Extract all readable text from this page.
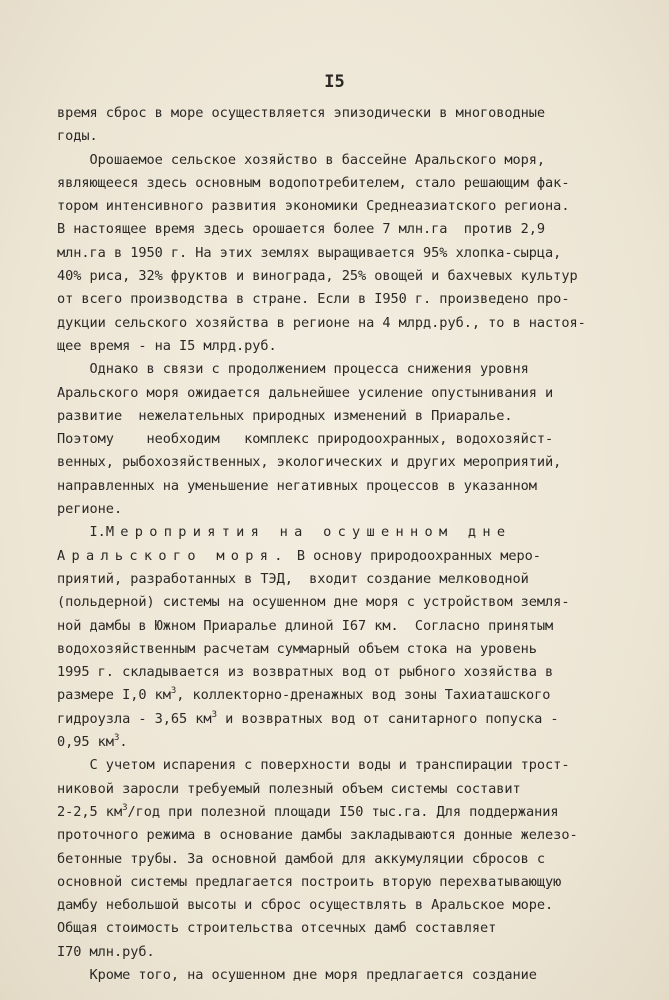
I5
время сброс в море осуществляется эпизодически в многоводные
годы.
Орошаемое сельское хозяйство в бассейне Аральского моря,
являющееся здесь основным водопотребителем, стало решающим фак-
тором интенсивного развития экономики Среднеазиатского региона.
В настоящее время здесь орошается более 7 млн.га  против 2,9
млн.га в 1950 г. На этих землях выращивается 95% хлопка-сырца,
40% риса, 32% фруктов и винограда, 25% овощей и бахчевых культур
от всего производства в стране. Если в I950 г. произведено про-
дукции сельского хозяйства в регионе на 4 млрд.руб., то в настоя-
щее время - на I5 млрд.руб.
Однако в связи с продолжением процесса снижения уровня
Аральского моря ожидается дальнейшее усиление опустынивания и
развитие  нежелательных природных изменений в Приаралье.
Поэтому    необходим   комплекс природоохранных, водохозяйст-
венных, рыбохозяйственных, экологических и других мероприятий,
направленных на уменьшение негативных процессов в указанном
регионе.
I.Мероприятия на осушенном дне
Аральского моря. В основу природоохранных меро-
приятий, разработанных в ТЭД,  входит создание мелководной
(польдерной) системы на осушенном дне моря с устройством земля-
ной дамбы в Южном Приаралье длиной I67 км.  Согласно принятым
водохозяйственным расчетам суммарный объем стока на уровень
1995 г. складывается из возвратных вод от рыбного хозяйства в
размере I,0 $км^3$, коллекторно-дренажных вод зоны Тахиаташского
гидроузла - 3,65 $км^3$ и возвратных вод от санитарного попуска -
0,95 $км^3$.
С учетом испарения с поверхности воды и транспирации трост-
никовой заросли требуемый полезный объем системы составит
2-2,5 $км^3$/год при полезной площади I50 тыс.га. Для поддержания
проточного режима в основание дамбы закладываются донные железо-
бетонные трубы. За основной дамбой для аккумуляции сбросов с
основной системы предлагается построить вторую перехватывающую
дамбу небольшой высоты и сброс осуществлять в Аральское море.
Общая стоимость строительства отсечных дамб составляет
I70 млн.руб.
Кроме того, на осушенном дне моря предлагается создание
